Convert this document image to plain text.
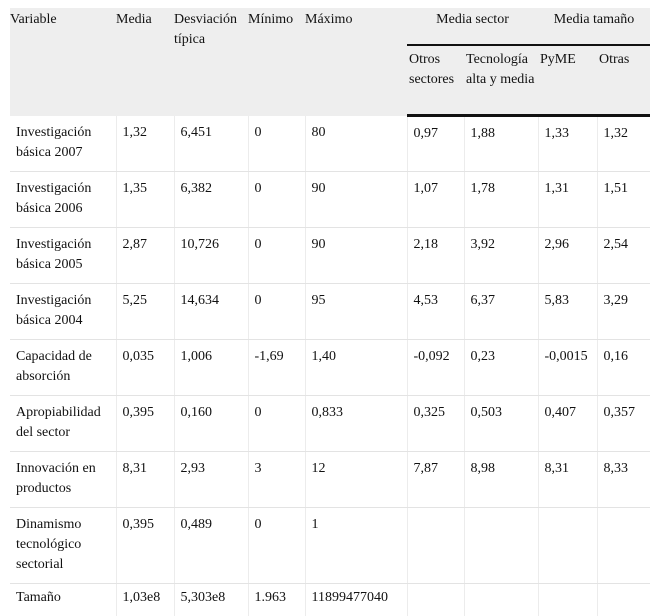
Variable	Media	Desviación típica	Mínimo	Máximo	Media sector		Media tamaño	
					Otros sectores	Tecnología alta y media	PyME	Otras
Investigación básica 2007	1,32	6,451	0	80	0,97	1,88	1,33	1,32
Investigación básica 2006	1,35	6,382	0	90	1,07	1,78	1,31	1,51
Investigación básica 2005	2,87	10,726	0	90	2,18	3,92	2,96	2,54
Investigación básica 2004	5,25	14,634	0	95	4,53	6,37	5,83	3,29
Capacidad de absorción	0,035	1,006	-1,69	1,40	-0,092	0,23	-0,0015	0,16
Apropiabilidad del sector	0,395	0,160	0	0,833	0,325	0,503	0,407	0,357
Innovación en productos	8,31	2,93	3	12	7,87	8,98	8,31	8,33
Dinamismo tecnológico sectorial	0,395	0,489	0	1				
Tamaño	1,03e8	5,303e8	1.963	11899477040				
